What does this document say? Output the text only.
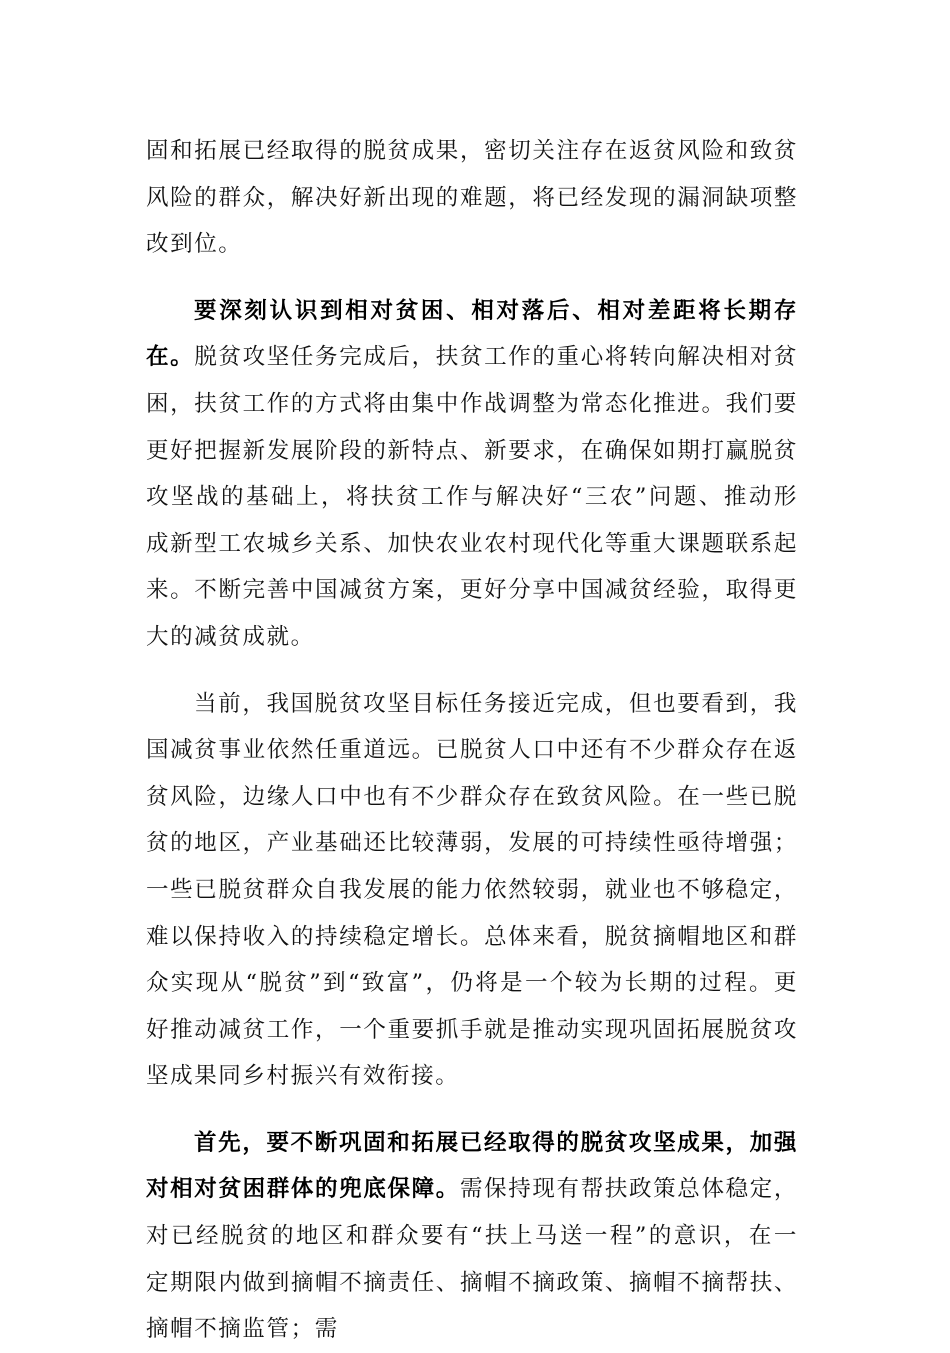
固和拓展已经取得的脱贫成果，密切关注存在返贫风险和致贫风险的群众，解决好新出现的难题，将已经发现的漏洞缺项整改到位。

要深刻认识到相对贫困、相对落后、相对差距将长期存在。脱贫攻坚任务完成后，扶贫工作的重心将转向解决相对贫困，扶贫工作的方式将由集中作战调整为常态化推进。我们要更好把握新发展阶段的新特点、新要求，在确保如期打赢脱贫攻坚战的基础上，将扶贫工作与解决好“三农”问题、推动形成新型工农城乡关系、加快农业农村现代化等重大课题联系起来。不断完善中国减贫方案，更好分享中国减贫经验，取得更大的减贫成就。

当前，我国脱贫攻坚目标任务接近完成，但也要看到，我国减贫事业依然任重道远。已脱贫人口中还有不少群众存在返贫风险，边缘人口中也有不少群众存在致贫风险。在一些已脱贫的地区，产业基础还比较薄弱，发展的可持续性亟待增强；一些已脱贫群众自我发展的能力依然较弱，就业也不够稳定，难以保持收入的持续稳定增长。总体来看，脱贫摘帽地区和群众实现从“脱贫”到“致富”，仍将是一个较为长期的过程。更好推动减贫工作，一个重要抓手就是推动实现巩固拓展脱贫攻坚成果同乡村振兴有效衔接。

首先，要不断巩固和拓展已经取得的脱贫攻坚成果，加强对相对贫困群体的兜底保障。需保持现有帮扶政策总体稳定，对已经脱贫的地区和群众要有“扶上马送一程”的意识，在一定期限内做到摘帽不摘责任、摘帽不摘政策、摘帽不摘帮扶、摘帽不摘监管；需
